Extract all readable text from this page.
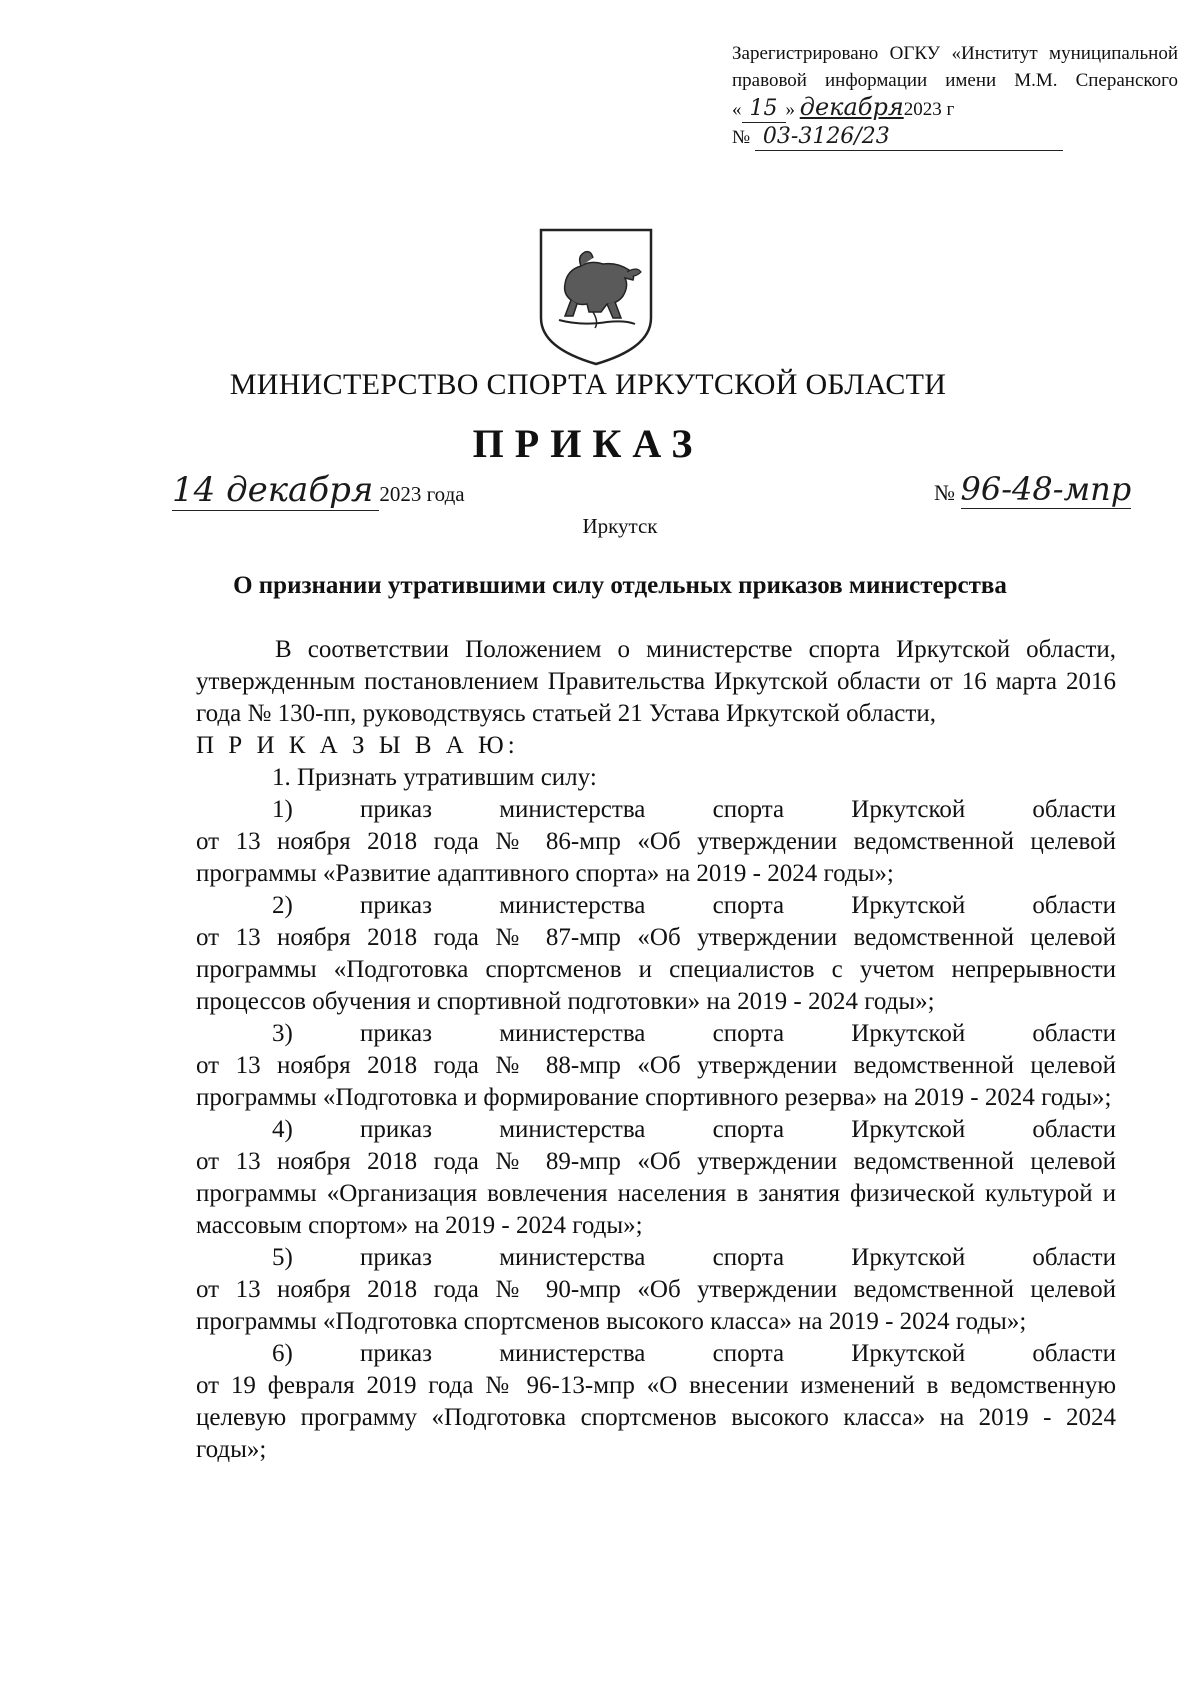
Зарегистрировано ОГКУ «Институт муниципальной
правовой информации имени М.М. Сперанского
« 15 » декабря2023 г
№ 03-3126/23
МИНИСТЕРСТВО СПОРТА ИРКУТСКОЙ ОБЛАСТИ
ПРИКАЗ
14 декабря 2023 года	№ 96-48-мпр
Иркутск
О признании утратившими силу отдельных приказов министерства

В соответствии Положением о министерстве спорта Иркутской области, утвержденным постановлением Правительства Иркутской области от 16 марта 2016 года № 130-пп, руководствуясь статьей 21 Устава Иркутской области,

П Р И К А З Ы В А Ю:

1. Признать утратившим силу:

1) приказ министерства спорта Иркутской области
от 13 ноября 2018 года № 86-мпр «Об утверждении ведомственной целевой программы «Развитие адаптивного спорта» на 2019 - 2024 годы»;

2) приказ министерства спорта Иркутской области
от 13 ноября 2018 года № 87-мпр «Об утверждении ведомственной целевой программы «Подготовка спортсменов и специалистов с учетом непрерывности процессов обучения и спортивной подготовки» на 2019 - 2024 годы»;

3) приказ министерства спорта Иркутской области
от 13 ноября 2018 года № 88-мпр «Об утверждении ведомственной целевой программы «Подготовка и формирование спортивного резерва» на 2019 - 2024 годы»;

4) приказ министерства спорта Иркутской области
от 13 ноября 2018 года № 89-мпр «Об утверждении ведомственной целевой программы «Организация вовлечения населения в занятия физической культурой и массовым спортом» на 2019 - 2024 годы»;

5) приказ министерства спорта Иркутской области
от 13 ноября 2018 года № 90-мпр «Об утверждении ведомственной целевой программы «Подготовка спортсменов высокого класса» на 2019 - 2024 годы»;

6) приказ министерства спорта Иркутской области
от 19 февраля 2019 года № 96-13-мпр «О внесении изменений в ведомственную целевую программу «Подготовка спортсменов высокого класса» на 2019 - 2024 годы»;
